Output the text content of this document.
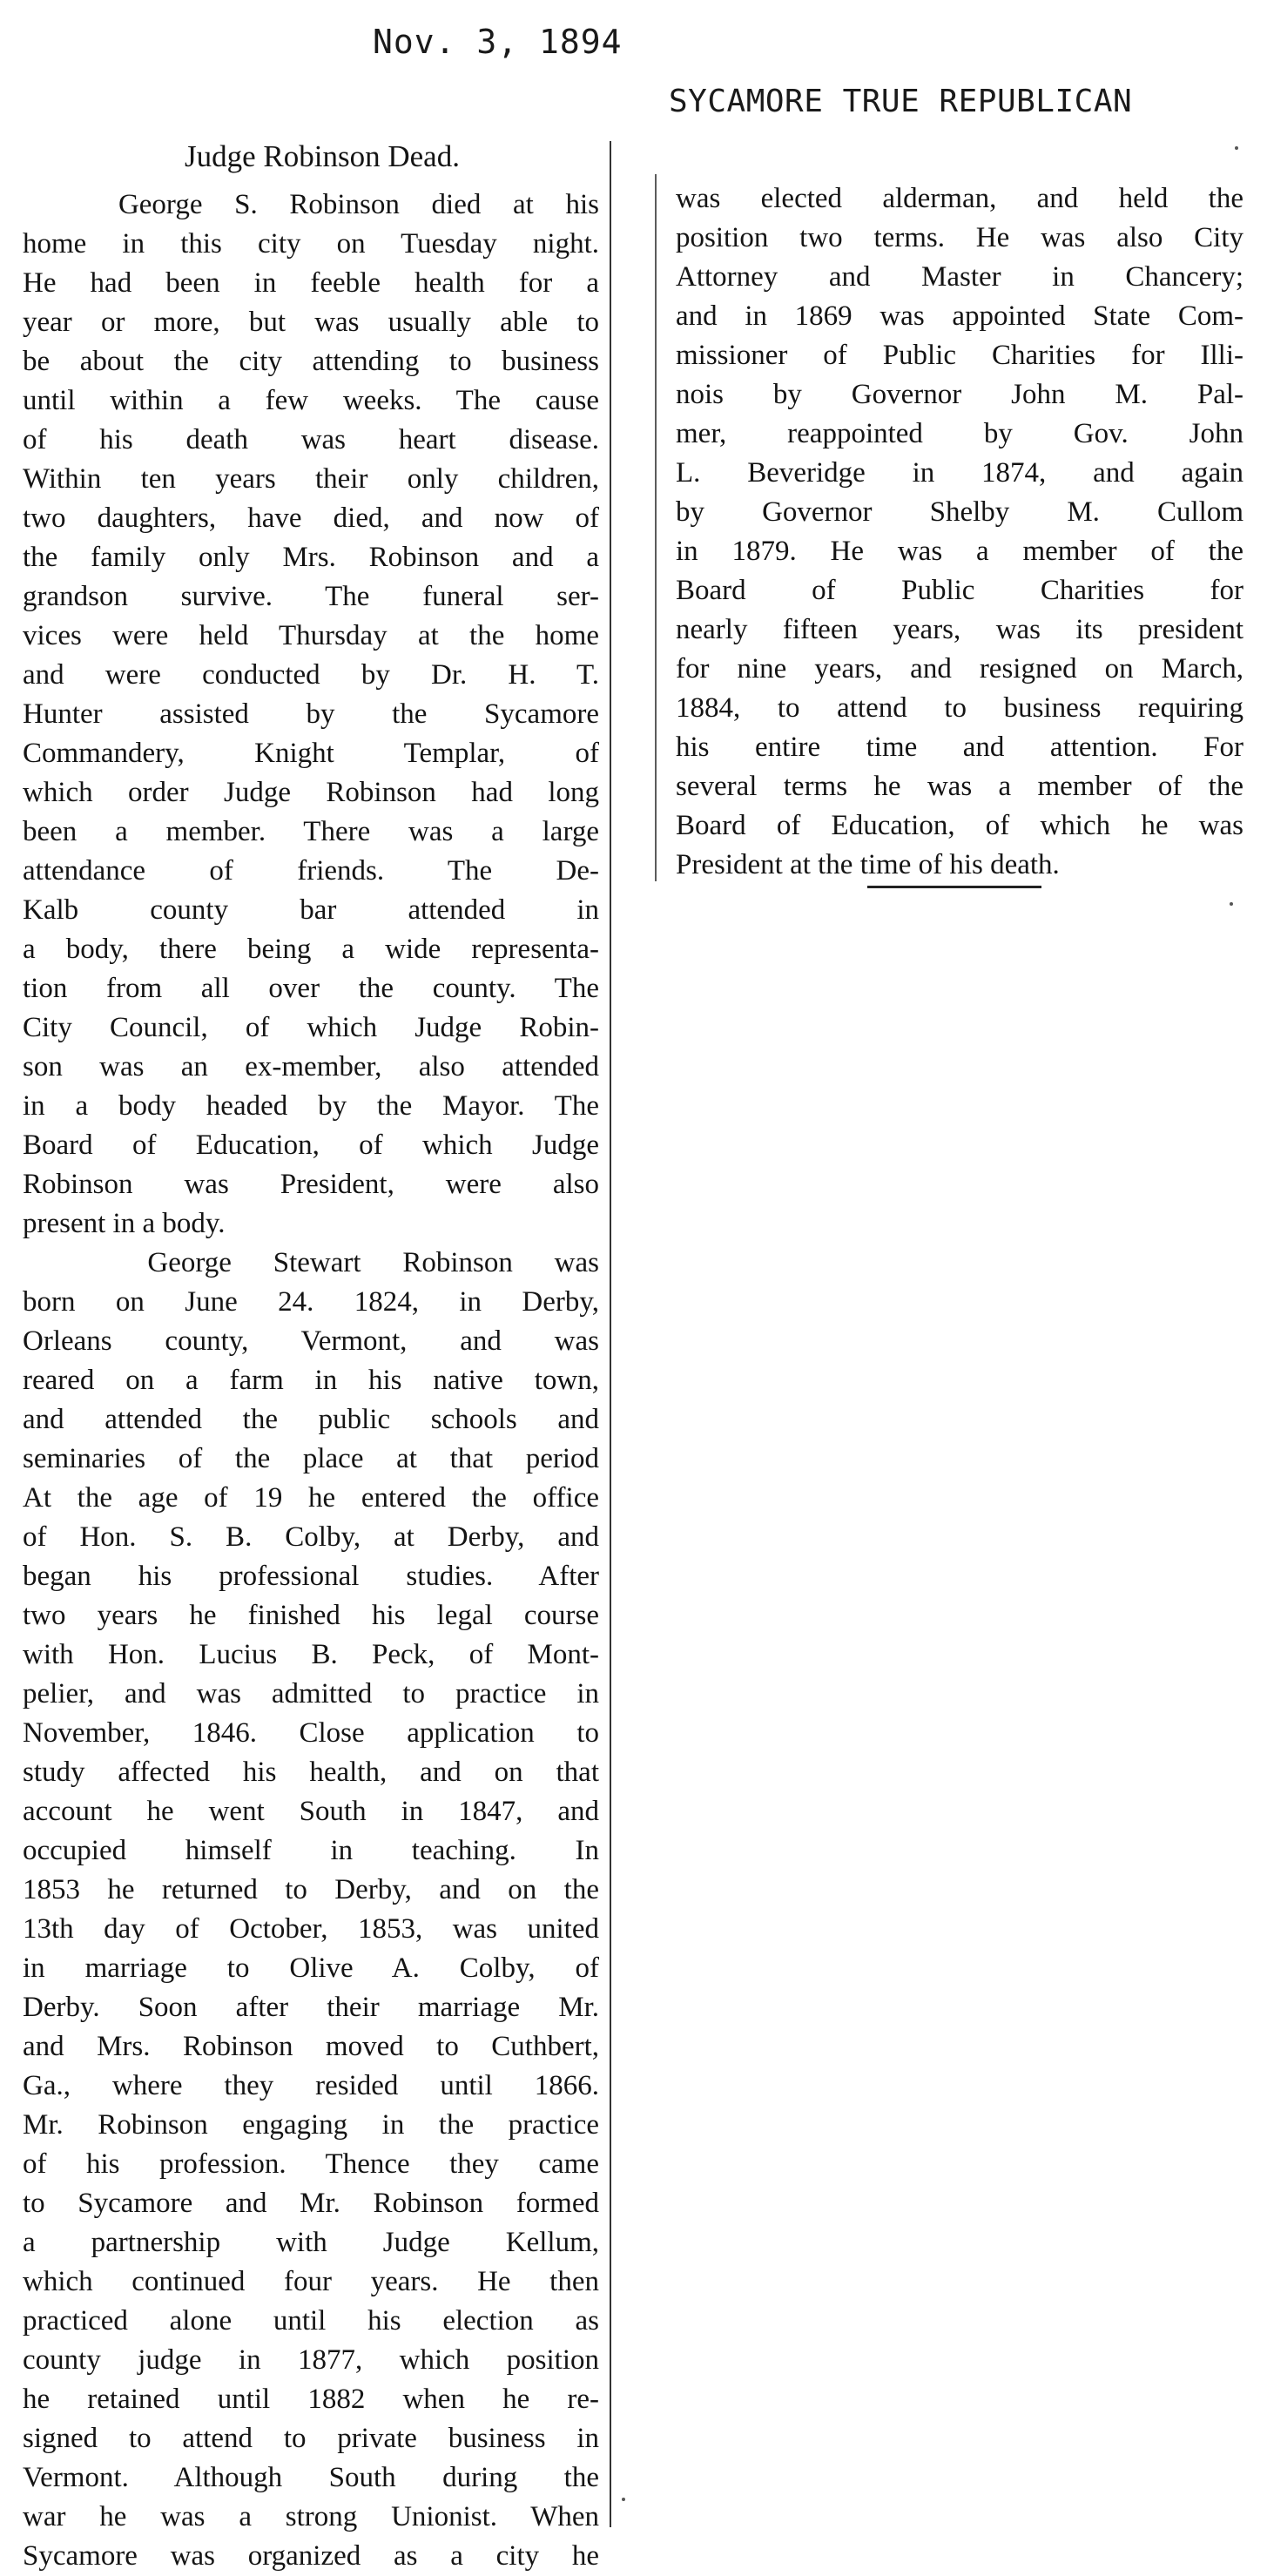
Nov. 3, 1894
SYCAMORE TRUE REPUBLICAN
Judge Robinson Dead.
George S. Robinson died at his
home in this city on Tuesday night.
He had been in feeble health for a
year or more, but was usually able to
be about the city attending to business
until within a few weeks. The cause
of his death was heart disease.
Within ten years their only children,
two daughters, have died, and now of
the family only Mrs. Robinson and a
grandson survive. The funeral ser-
vices were held Thursday at the home
and were conducted by Dr. H. T.
Hunter assisted by the Sycamore
Commandery, Knight Templar, of
which order Judge Robinson had long
been a member. There was a large
attendance of friends. The De-
Kalb county bar attended in
a body, there being a wide representa-
tion from all over the county. The
City Council, of which Judge Robin-
son was an ex-member, also attended
in a body headed by the Mayor. The
Board of Education, of which Judge
Robinson was President, were also
present in a body.
George Stewart Robinson was
born on June 24. 1824, in Derby,
Orleans county, Vermont, and was
reared on a farm in his native town,
and attended the public schools and
seminaries of the place at that period
At the age of 19 he entered the office
of Hon. S. B. Colby, at Derby, and
began his professional studies. After
two years he finished his legal course
with Hon. Lucius B. Peck, of Mont-
pelier, and was admitted to practice in
November, 1846. Close application to
study affected his health, and on that
account he went South in 1847, and
occupied himself in teaching. In
1853 he returned to Derby, and on the
13th day of October, 1853, was united
in marriage to Olive A. Colby, of
Derby. Soon after their marriage Mr.
and Mrs. Robinson moved to Cuthbert,
Ga., where they resided until 1866.
Mr. Robinson engaging in the practice
of his profession. Thence they came
to Sycamore and Mr. Robinson formed
a partnership with Judge Kellum,
which continued four years. He then
practiced alone until his election as
county judge in 1877, which position
he retained until 1882 when he re-
signed to attend to private business in
Vermont. Although South during the
war he was a strong Unionist. When
Sycamore was organized as a city he
was elected alderman, and held the
position two terms. He was also City
Attorney and Master in Chancery;
and in 1869 was appointed State Com-
missioner of Public Charities for Illi-
nois by Governor John M. Pal-
mer, reappointed by Gov. John
L. Beveridge in 1874, and again
by Governor Shelby M. Cullom
in 1879. He was a member of the
Board of Public Charities for
nearly fifteen years, was its president
for nine years, and resigned on March,
1884, to attend to business requiring
his entire time and attention. For
several terms he was a member of the
Board of Education, of which he was
President at the time of his death.
